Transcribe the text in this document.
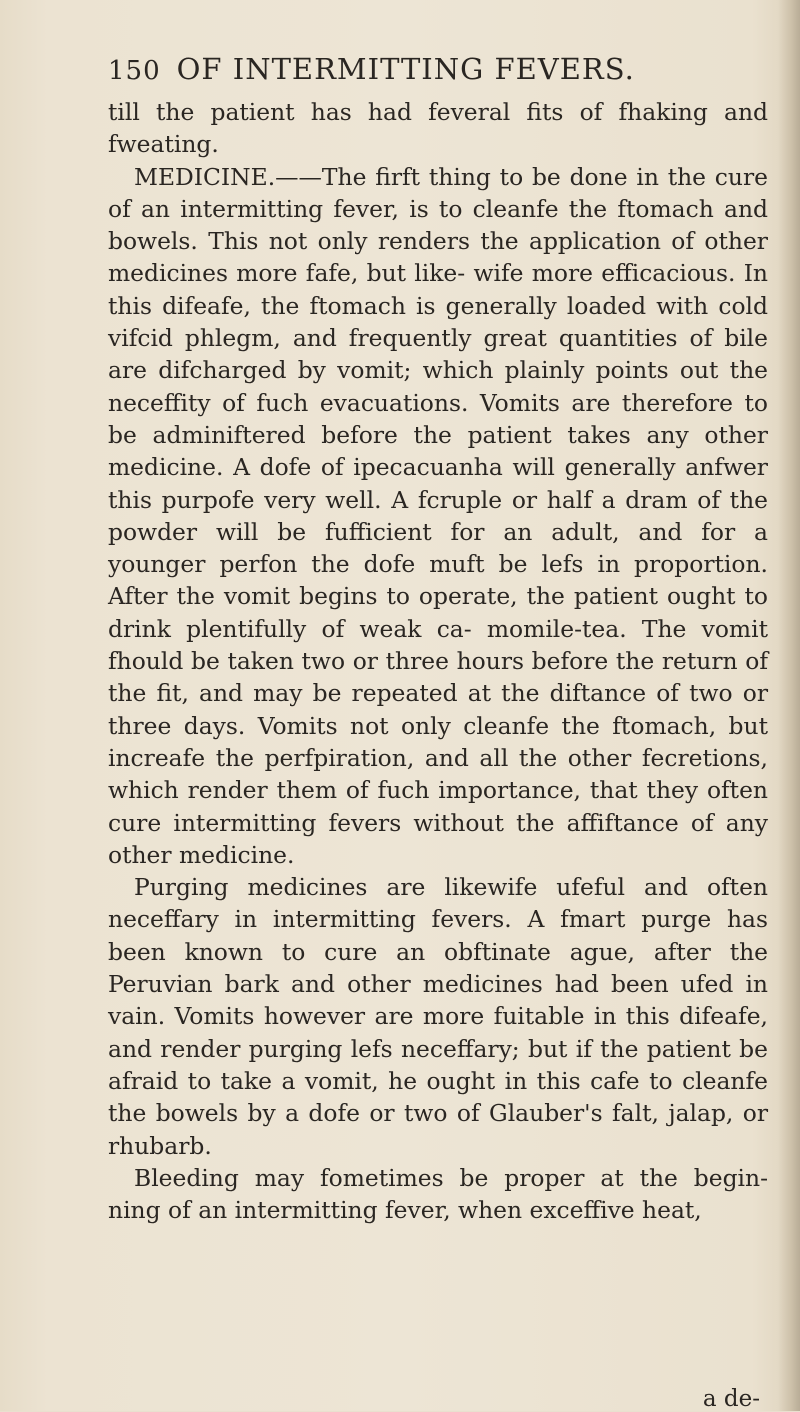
150 OF INTERMITTING FEVERS.

till the patient has had feveral fits of fhaking and fweating.

MEDICINE.——The firft thing to be done in the cure of an intermitting fever, is to cleanfe the ftomach and bowels. This not only renders the application of other medicines more fafe, but like- wife more efficacious. In this difeafe, the ftomach is generally loaded with cold vifcid phlegm, and frequently great quantities of bile are difcharged by vomit; which plainly points out the neceffity of fuch evacuations. Vomits are therefore to be adminiftered before the patient takes any other medicine. A dofe of ipecacuanha will generally anfwer this purpofe very well. A fcruple or half a dram of the powder will be fufficient for an adult, and for a younger perfon the dofe muft be lefs in proportion. After the vomit begins to operate, the patient ought to drink plentifully of weak ca- momile-tea. The vomit fhould be taken two or three hours before the return of the fit, and may be repeated at the diftance of two or three days. Vomits not only cleanfe the ftomach, but increafe the perfpiration, and all the other fecretions, which render them of fuch importance, that they often cure intermitting fevers without the affiftance of any other medicine.

Purging medicines are likewife ufeful and often neceffary in intermitting fevers. A fmart purge has been known to cure an obftinate ague, after the Peruvian bark and other medicines had been ufed in vain. Vomits however are more fuitable in this difeafe, and render purging lefs neceffary; but if the patient be afraid to take a vomit, he ought in this cafe to cleanfe the bowels by a dofe or two of Glauber's falt, jalap, or rhubarb.

Bleeding may fometimes be proper at the begin- ning of an intermitting fever, when exceffive heat,

a de-
